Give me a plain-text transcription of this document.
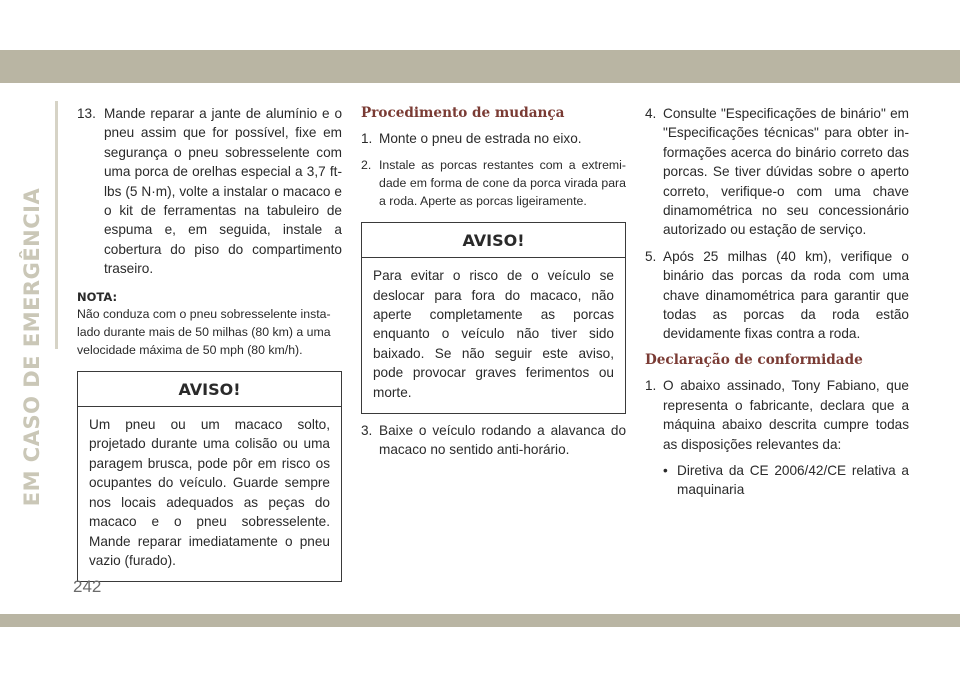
EM CASO DE EMERGÊNCIA
13. Mande reparar a jante de alumínio e o pneu assim que for possível, fixe em segurança o pneu sobresselente com uma porca de orelhas especial a 3,7 ft-lbs (5 N·m), volte a instalar o macaco e o kit de ferramentas na tabuleiro de espuma e, em seguida, instale a cobertura do piso do compartimento traseiro.
NOTA:
Não conduza com o pneu sobresselente instalado durante mais de 50 milhas (80 km) a uma velocidade máxima de 50 mph (80 km/h).
AVISO!
Um pneu ou um macaco solto, projetado durante uma colisão ou uma paragem brusca, pode pôr em risco os ocupantes do veículo. Guarde sempre nos locais adequados as peças do macaco e o pneu sobresselente. Mande reparar imediatamente o pneu vazio (furado).
Procedimento de mudança
1. Monte o pneu de estrada no eixo.
2. Instale as porcas restantes com a extremidade em forma de cone da porca virada para a roda. Aperte as porcas ligeiramente.
AVISO!
Para evitar o risco de o veículo se deslocar para fora do macaco, não aperte completamente as porcas enquanto o veículo não tiver sido baixado. Se não seguir este aviso, pode provocar graves ferimentos ou morte.
3. Baixe o veículo rodando a alavanca do macaco no sentido anti-horário.
4. Consulte "Especificações de binário" em "Especificações técnicas" para obter informações acerca do binário correto das porcas. Se tiver dúvidas sobre o aperto correto, verifique-o com uma chave dinamométrica no seu concessionário autorizado ou estação de serviço.
5. Após 25 milhas (40 km), verifique o binário das porcas da roda com uma chave dinamométrica para garantir que todas as porcas da roda estão devidamente fixas contra a roda.
Declaração de conformidade
1. O abaixo assinado, Tony Fabiano, que representa o fabricante, declara que a máquina abaixo descrita cumpre todas as disposições relevantes da:
• Diretiva da CE 2006/42/CE relativa a maquinaria
242
